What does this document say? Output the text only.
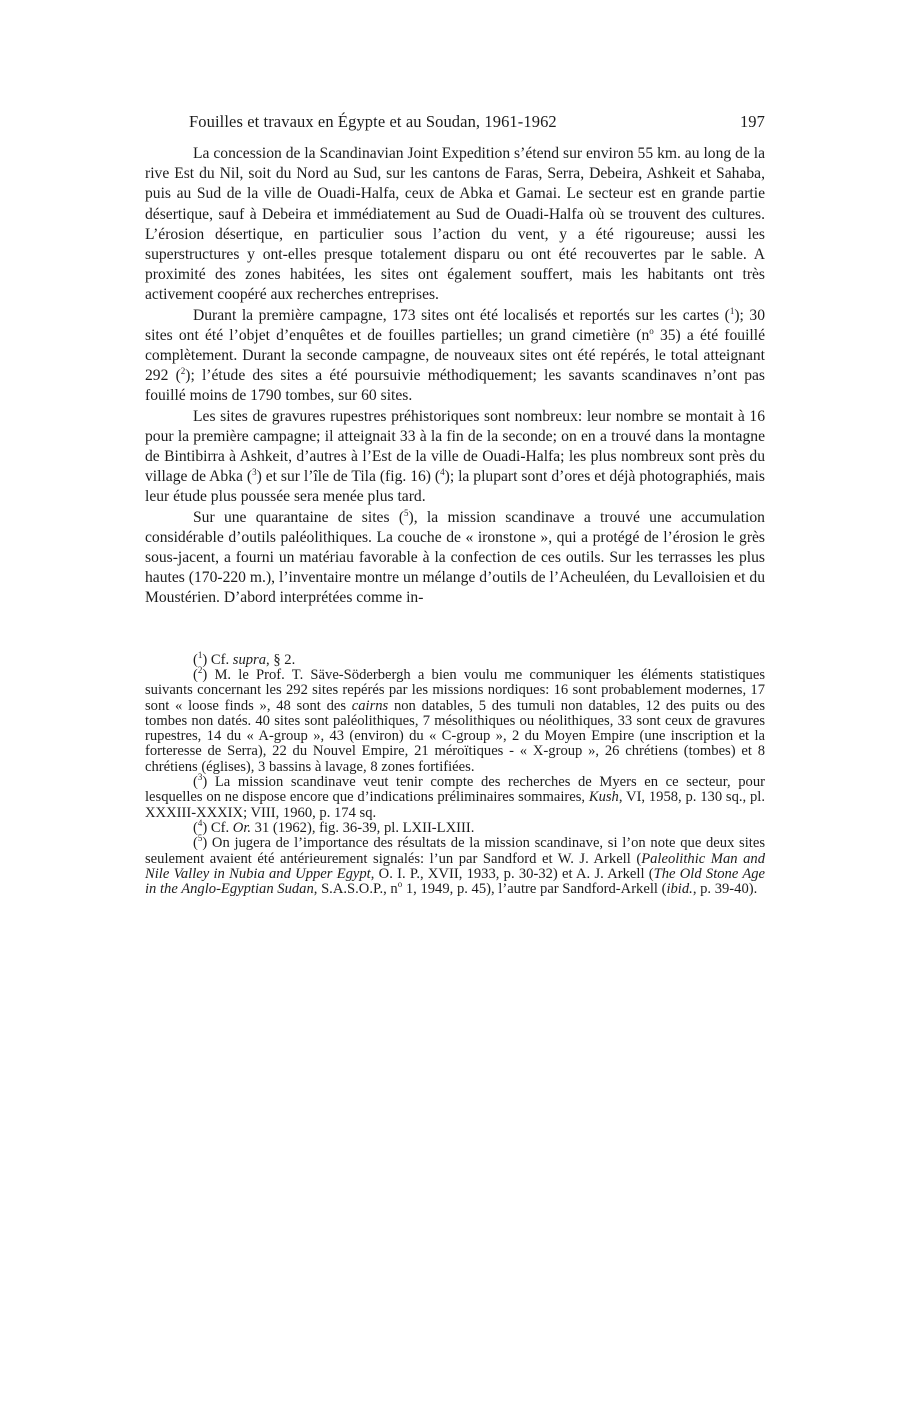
Fouilles et travaux en Égypte et au Soudan, 1961-1962	197

La concession de la Scandinavian Joint Expedition s’étend sur environ 55 km. au long de la rive Est du Nil, soit du Nord au Sud, sur les cantons de Faras, Serra, Debeira, Ashkeit et Sahaba, puis au Sud de la ville de Ouadi-Halfa, ceux de Abka et Gamai. Le secteur est en grande partie désertique, sauf à Debeira et immédiatement au Sud de Ouadi-Halfa où se trouvent des cultures. L’érosion désertique, en particulier sous l’action du vent, y a été rigoureuse; aussi les superstructures y ont-elles presque totalement disparu ou ont été recouvertes par le sable. A proximité des zones habitées, les sites ont également souffert, mais les habitants ont très activement coopéré aux recherches entreprises.

Durant la première campagne, 173 sites ont été localisés et reportés sur les cartes ($^1$); 30 sites ont été l’objet d’enquêtes et de fouilles partielles; un grand cimetière ($n^o$ 35) a été fouillé complètement. Durant la seconde campagne, de nouveaux sites ont été repérés, le total atteignant 292 ($^2$); l’étude des sites a été poursuivie méthodiquement; les savants scandinaves n’ont pas fouillé moins de 1790 tombes, sur 60 sites.

Les sites de gravures rupestres préhistoriques sont nombreux: leur nombre se montait à 16 pour la première campagne; il atteignait 33 à la fin de la seconde; on en a trouvé dans la montagne de Bintibirra à Ashkeit, d’autres à l’Est de la ville de Ouadi-Halfa; les plus nombreux sont près du village de Abka ($^3$) et sur l’île de Tila (fig. 16) ($^4$); la plupart sont d’ores et déjà photographiés, mais leur étude plus poussée sera menée plus tard.

Sur une quarantaine de sites ($^5$), la mission scandinave a trouvé une accumulation considérable d’outils paléolithiques. La couche de « ironstone », qui a protégé de l’érosion le grès sous-jacent, a fourni un matériau favorable à la confection de ces outils. Sur les terrasses les plus hautes (170-220 m.), l’inventaire montre un mélange d’outils de l’Acheuléen, du Levalloisien et du Moustérien. D’abord interprétées comme in-

($^1$) Cf. supra, § 2.

($^2$) M. le Prof. T. Säve-Söderbergh a bien voulu me communiquer les éléments statistiques suivants concernant les 292 sites repérés par les missions nordiques: 16 sont probablement modernes, 17 sont « loose finds », 48 sont des cairns non datables, 5 des tumuli non datables, 12 des puits ou des tombes non datés. 40 sites sont paléolithiques, 7 mésolithiques ou néolithiques, 33 sont ceux de gravures rupestres, 14 du « A-group », 43 (environ) du « C-group », 2 du Moyen Empire (une inscription et la forteresse de Serra), 22 du Nouvel Empire, 21 méroïtiques - « X-group », 26 chrétiens (tombes) et 8 chrétiens (églises), 3 bassins à lavage, 8 zones fortifiées.

($^3$) La mission scandinave veut tenir compte des recherches de Myers en ce secteur, pour lesquelles on ne dispose encore que d’indications préliminaires sommaires, Kush, VI, 1958, p. 130 sq., pl. XXXIII-XXXIX; VIII, 1960, p. 174 sq.

($^4$) Cf. Or. 31 (1962), fig. 36-39, pl. LXII-LXIII.

($^5$) On jugera de l’importance des résultats de la mission scandinave, si l’on note que deux sites seulement avaient été antérieurement signalés: l’un par Sandford et W. J. Arkell (Paleolithic Man and Nile Valley in Nubia and Upper Egypt, O. I. P., XVII, 1933, p. 30-32) et A. J. Arkell (The Old Stone Age in the Anglo-Egyptian Sudan, S.A.S.O.P., $n^o$ 1, 1949, p. 45), l’autre par Sandford-Arkell (ibid., p. 39-40).
